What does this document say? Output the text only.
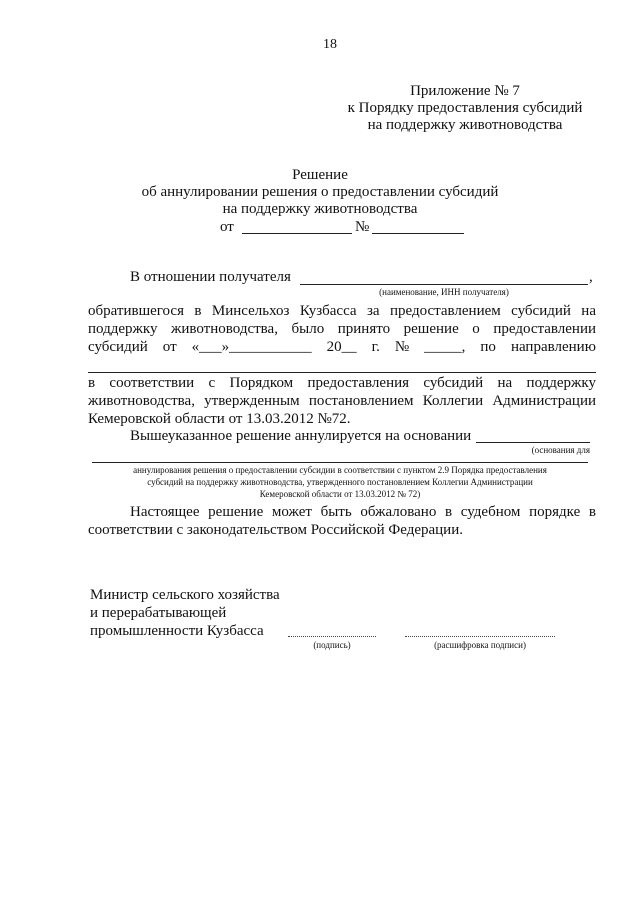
18
Приложение № 7
к Порядку предоставления субсидий
на поддержку животноводства
Решение
об аннулировании решения о предоставлении субсидий
на поддержку животноводства
от	№
В отношении получателя	,
(наименование, ИНН получателя)
обратившегося в Минсельхоз Кузбасса за предоставлением субсидий на
поддержку животноводства, было принято решение о предоставлении
субсидий от «___»___________ 20__ г. № _____, по направлению
в соответствии с Порядком предоставления субсидий на поддержку
животноводства, утвержденным постановлением Коллегии Администрации
Кемеровской области от 13.03.2012 №72.
Вышеуказанное решение аннулируется на основании
(основания для
аннулирования решения о предоставлении субсидии в соответствии с пунктом 2.9 Порядка предоставления
субсидий на поддержку животноводства, утвержденного постановлением Коллегии Администрации
Кемеровской области от 13.03.2012 № 72)
Настоящее решение может быть обжаловано в судебном порядке в
соответствии с законодательством Российской Федерации.
Министр сельского хозяйства
и перерабатывающей
промышленности Кузбасса
(подпись)	(расшифровка подписи)
